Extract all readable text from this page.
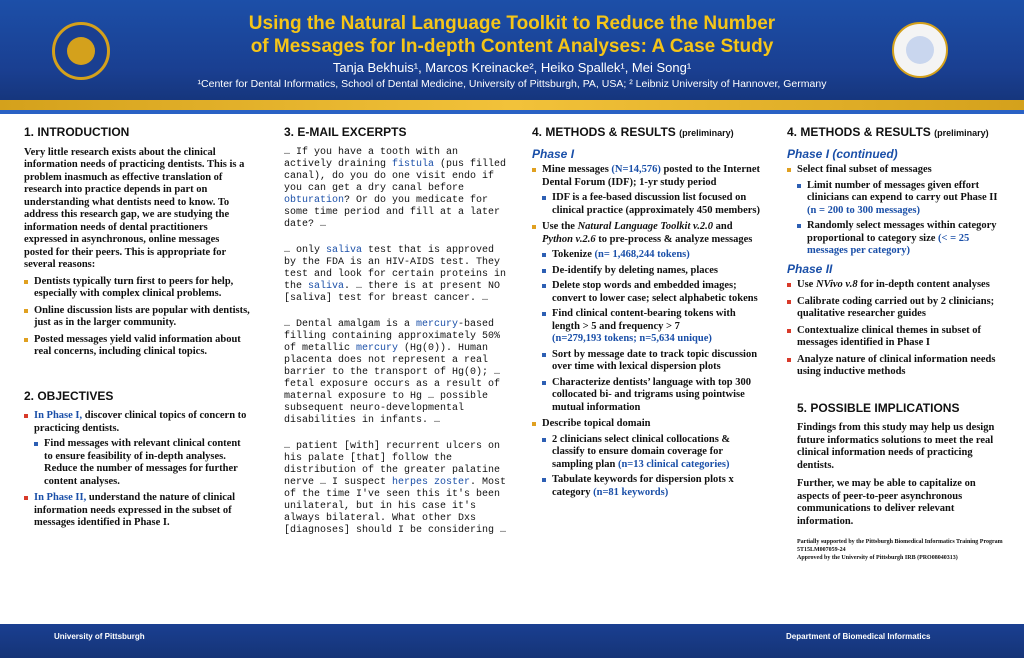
Using the Natural Language Toolkit to Reduce the Number
of Messages for In-depth Content Analyses: A Case Study
Tanja Bekhuis¹, Marcos Kreinacke², Heiko Spallek¹, Mei Song¹
¹Center for Dental Informatics, School of Dental Medicine, University of Pittsburgh, PA, USA; ² Leibniz University of Hannover, Germany
1. INTRODUCTION

Very little research exists about the clinical information needs of practicing dentists. This is a problem inasmuch as effective translation of research into practice depends in part on understanding what dentists need to know. To address this research gap, we are studying the information needs of dental practitioners expressed in asynchronous, online messages posted for their peers. This is appropriate for several reasons:

Dentists typically turn first to peers for help, especially with complex clinical problems.
Online discussion lists are popular with dentists, just as in the larger community.
Posted messages yield valid information about real concerns, including clinical topics.
2. OBJECTIVES
In Phase I, discover clinical topics of concern to practicing dentists.
Find messages with relevant clinical content to ensure feasibility of in-depth analyses. Reduce the number of messages for further content analyses.
In Phase II, understand the nature of clinical information needs expressed in the subset of messages identified in Phase I.
3. E-MAIL EXCERPTS
… If you have a tooth with an actively draining fistula (pus filled canal), do you do one visit endo if you can get a dry canal before obturation? Or do you medicate for some time period and fill at a later date? …
… only saliva test that is approved by the FDA is an HIV-AIDS test. They test and look for certain proteins in the saliva. … there is at present NO [saliva] test for breast cancer. …
… Dental amalgam is a mercury-based filling containing approximately 50% of metallic mercury (Hg(0)). Human placenta does not represent a real barrier to the transport of Hg(0); … fetal exposure occurs as a result of maternal exposure to Hg … possible subsequent neuro-developmental disabilities in infants. …
… patient [with] recurrent ulcers on his palate [that] follow the distribution of the greater palatine nerve … I suspect herpes zoster. Most of the time I've seen this it's been unilateral, but in his case it's always bilateral. What other Dxs [diagnoses] should I be considering …
4. METHODS & RESULTS (preliminary)
Phase I
Mine messages (N=14,576) posted to the Internet Dental Forum (IDF); 1-yr study period
IDF is a fee-based discussion list focused on clinical practice (approximately 450 members)
Use the Natural Language Toolkit v.2.0 and Python v.2.6 to pre-process & analyze messages
Tokenize (n= 1,468,244 tokens)
De-identify by deleting names, places
Delete stop words and embedded images; convert to lower case; select alphabetic tokens
Find clinical content-bearing tokens with length > 5 and frequency > 7
(n=279,193 tokens; n=5,634 unique)
Sort by message date to track topic discussion over time with lexical dispersion plots
Characterize dentists’ language with top 300 collocated bi- and trigrams using pointwise mutual information
Describe topical domain
2 clinicians select clinical collocations & classify to ensure domain coverage for sampling plan (n=13 clinical categories)
Tabulate keywords for dispersion plots x category (n=81 keywords)
4. METHODS & RESULTS (preliminary)
Phase I (continued)
Select final subset of messages
Limit number of messages given effort clinicians can expend to carry out Phase II (n = 200 to 300 messages)
Randomly select messages within category proportional to category size (< = 25 messages per category)
Phase II
Use NVivo v.8 for in-depth content analyses
Calibrate coding carried out by 2 clinicians; qualitative researcher guides
Contextualize clinical themes in subset of messages identified in Phase I
Analyze nature of clinical information needs using inductive methods
5. POSSIBLE IMPLICATIONS

Findings from this study may help us design future informatics solutions to meet the real clinical information needs of practicing dentists.

Further, we may be able to capitalize on aspects of peer-to-peer asynchronous communications to deliver relevant information.

Partially supported by the Pittsburgh Biomedical Informatics Training Program 5T15LM007059-24
Approved by the University of Pittsburgh IRB (PRO08040313)
University of Pittsburgh	Department of Biomedical Informatics
